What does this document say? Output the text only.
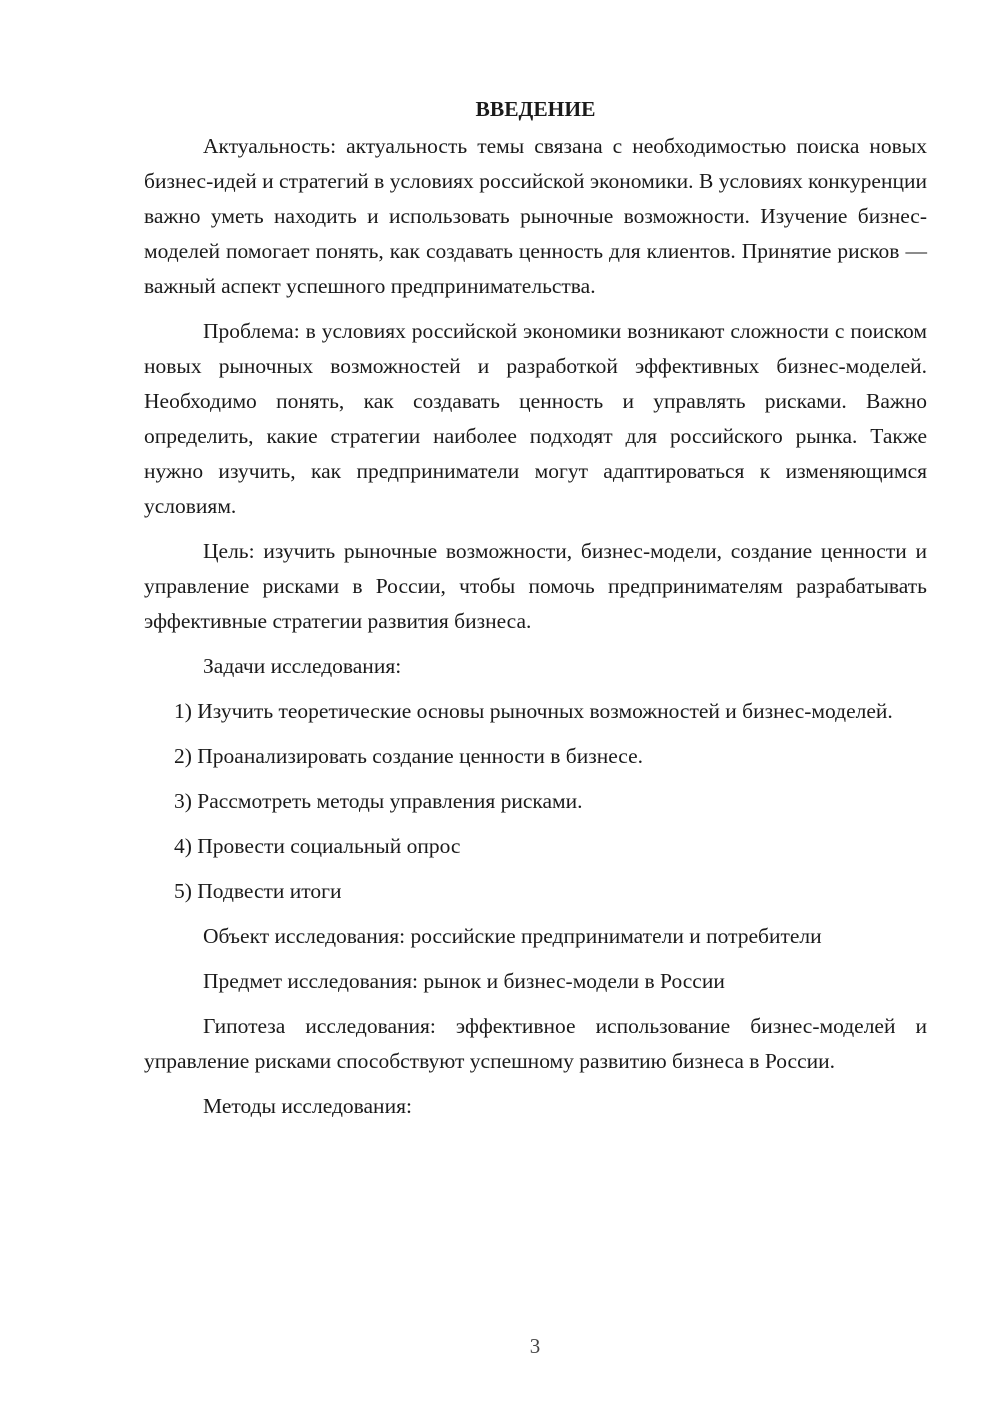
ВВЕДЕНИЕ

Актуальность: актуальность темы связана с необходимостью поиска новых бизнес-идей и стратегий в условиях российской экономики. В условиях конкуренции важно уметь находить и использовать рыночные возможности. Изучение бизнес-моделей помогает понять, как создавать ценность для клиентов. Принятие рисков — важный аспект успешного предпринимательства.

Проблема: в условиях российской экономики возникают сложности с поиском новых рыночных возможностей и разработкой эффективных бизнес-моделей. Необходимо понять, как создавать ценность и управлять рисками. Важно определить, какие стратегии наиболее подходят для российского рынка. Также нужно изучить, как предприниматели могут адаптироваться к изменяющимся условиям.

Цель: изучить рыночные возможности, бизнес-модели, создание ценности и управление рисками в России, чтобы помочь предпринимателям разрабатывать эффективные стратегии развития бизнеса.

Задачи исследования:

1) Изучить теоретические основы рыночных возможностей и бизнес-моделей.

2) Проанализировать создание ценности в бизнесе.

3) Рассмотреть методы управления рисками.

4) Провести социальный опрос

5) Подвести итоги

Объект исследования: российские предприниматели и потребители

Предмет исследования: рынок и бизнес-модели в России

Гипотеза исследования: эффективное использование бизнес-моделей и управление рисками способствуют успешному развитию бизнеса в России.

Методы исследования:

3
